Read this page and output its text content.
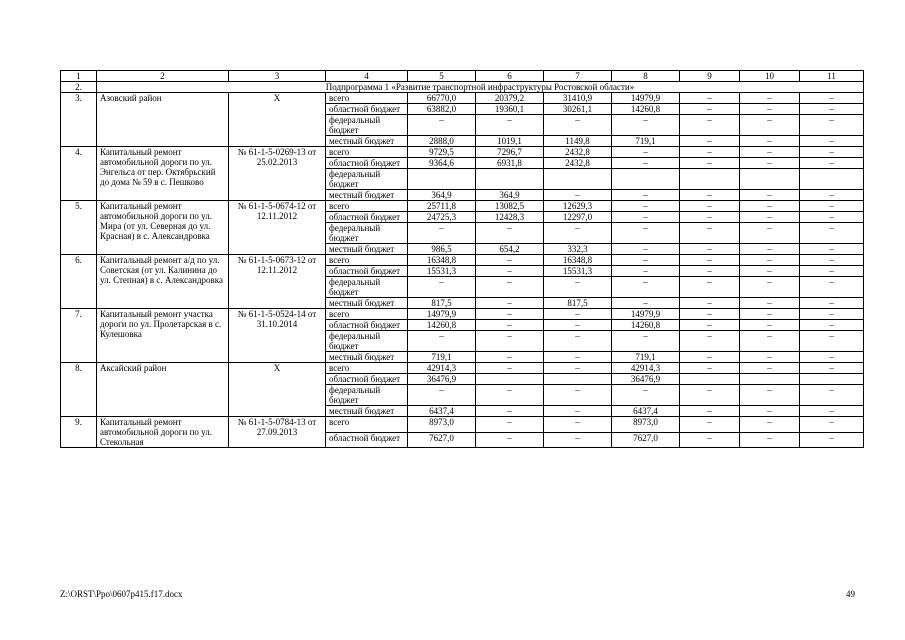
1	2	3	4	5	6	7	8	9	10	11
2.	Подпрограмма 1 «Развитие транспортной инфраструктуры Ростовской области»									
3.	Азовский район	Х	всего	66770,0	20379,2	31410,9	14979,9	–	–	–
			областной бюджет	63882,0	19360,1	30261,1	14260,8	–	–	–
			федеральный бюджет	–	–	–	–	–	–	–
			местный бюджет	2888,0	1019,1	1149,8	719,1	–	–	–
4.	Капитальный ремонт автомобильной дороги по ул. Энгельса от пер. Октябрьский до дома № 59 в с. Пешково	№ 61-1-5-0269-13 от 25.02.2013	всего	9729,5	7296,7	2432,8	–	–	–	–
			областной бюджет	9364,6	6931,8	2432,8	–	–	–	–
			федеральный бюджет							
			местный бюджет	364,9	364,9	–	–	–	–	–
5.	Капитальный ремонт автомобильной дороги по ул. Мира (от ул. Северная до ул. Красная) в с. Александровка	№ 61-1-5-0674-12 от 12.11.2012	всего	25711,8	13082,5	12629,3	–	–	–	–
			областной бюджет	24725,3	12428,3	12297,0	–	–	–	–
			федеральный бюджет	–	–	–	–	–	–	–
			местный бюджет	986,5	654,2	332,3	–	–	–	–
6.	Капитальный ремонт а/д по ул. Советская (от ул. Калинина до ул. Степная) в с. Александровка	№ 61-1-5-0673-12 от 12.11.2012	всего	16348,8	–	16348,8	–	–	–	–
			областной бюджет	15531,3	–	15531,3	–	–	–	–
			федеральный бюджет	–	–	–	–	–	–	–
			местный бюджет	817,5	–	817,5	–	–	–	–
7.	Капитальный ремонт участка дороги по ул. Пролетарская в с. Кулешовка	№ 61-1-5-0524-14 от 31.10.2014	всего	14979,9	–	–	14979,9	–	–	–
			областной бюджет	14260,8	–	–	14260,8	–	–	–
			федеральный бюджет	–	–	–	–	–	–	–
			местный бюджет	719,1	–	–	719,1	–	–	–
8.	Аксайский район	Х	всего	42914,3	–	–	42914,3	–	–	–
			областной бюджет	36476,9			36476,9			
			федеральный бюджет	–	–	–	–	–	–	–
			местный бюджет	6437,4	–	–	6437,4	–	–	–
9.	Капитальный ремонт автомобильной дороги по ул. Стекольная	№ 61-1-5-0784-13 от 27.09.2013	всего	8973,0	–	–	8973,0	–	–	–
			областной бюджет	7627,0	–	–	7627,0	–	–	–
Z:\ORST\Ppo\0607p415.f17.docx	49
